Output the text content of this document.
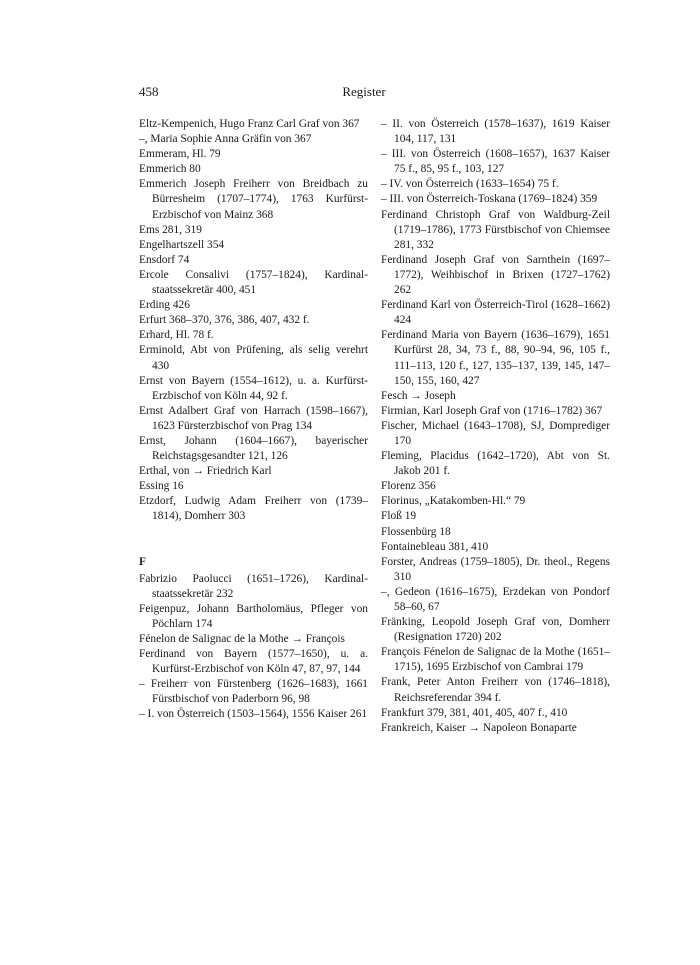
458	Register
Eltz-Kempenich, Hugo Franz Carl Graf von 367
–, Maria Sophie Anna Gräfin von 367
Emmeram, Hl. 79
Emmerich 80
Emmerich Joseph Freiherr von Breidbach zu Bürresheim (1707–1774), 1763 Kurfürst-Erzbischof von Mainz 368
Ems 281, 319
Engelhartszell 354
Ensdorf 74
Ercole Consalivi (1757–1824), Kardinalstaatssekretär 400, 451
Erding 426
Erfurt 368–370, 376, 386, 407, 432 f.
Erhard, Hl. 78 f.
Erminold, Abt von Prüfening, als selig verehrt 430
Ernst von Bayern (1554–1612), u. a. Kurfürst-Erzbischof von Köln 44, 92 f.
Ernst Adalbert Graf von Harrach (1598–1667), 1623 Fürsterzbischof von Prag 134
Ernst, Johann (1604–1667), bayerischer Reichstagsgesandter 121, 126
Erthal, von → Friedrich Karl
Essing 16
Etzdorf, Ludwig Adam Freiherr von (1739–1814), Domherr 303
F
Fabrizio Paolucci (1651–1726), Kardinalstaatssekretär 232
Feigenpuz, Johann Bartholomäus, Pfleger von Pöchlarn 174
Fénelon de Salignac de la Mothe → François
Ferdinand von Bayern (1577–1650), u. a. Kurfürst-Erzbischof von Köln 47, 87, 97, 144
– Freiherr von Fürstenberg (1626–1683), 1661 Fürstbischof von Paderborn 96, 98
– I. von Österreich (1503–1564), 1556 Kaiser 261
– II. von Österreich (1578–1637), 1619 Kaiser 104, 117, 131
– III. von Österreich (1608–1657), 1637 Kaiser 75 f., 85, 95 f., 103, 127
– IV. von Österreich (1633–1654) 75 f.
– III. von Österreich-Toskana (1769–1824) 359
Ferdinand Christoph Graf von Waldburg-Zeil (1719–1786), 1773 Fürstbischof von Chiemsee 281, 332
Ferdinand Joseph Graf von Sarnthein (1697–1772), Weihbischof in Brixen (1727–1762) 262
Ferdinand Karl von Österreich-Tirol (1628–1662) 424
Ferdinand Maria von Bayern (1636–1679), 1651 Kurfürst 28, 34, 73 f., 88, 90–94, 96, 105 f., 111–113, 120 f., 127, 135–137, 139, 145, 147–150, 155, 160, 427
Fesch → Joseph
Firmian, Karl Joseph Graf von (1716–1782) 367
Fischer, Michael (1643–1708), SJ, Domprediger 170
Fleming, Placidus (1642–1720), Abt von St. Jakob 201 f.
Florenz 356
Florinus, „Katakomben-Hl.“ 79
Floß 19
Flossenbürg 18
Fontainebleau 381, 410
Forster, Andreas (1759–1805), Dr. theol., Regens 310
–, Gedeon (1616–1675), Erzdekan von Pondorf 58–60, 67
Fränking, Leopold Joseph Graf von, Domherr (Resignation 1720) 202
François Fénelon de Salignac de la Mothe (1651–1715), 1695 Erzbischof von Cambrai 179
Frank, Peter Anton Freiherr von (1746–1818), Reichsreferendar 394 f.
Frankfurt 379, 381, 401, 405, 407 f., 410
Frankreich, Kaiser → Napoleon Bonaparte
